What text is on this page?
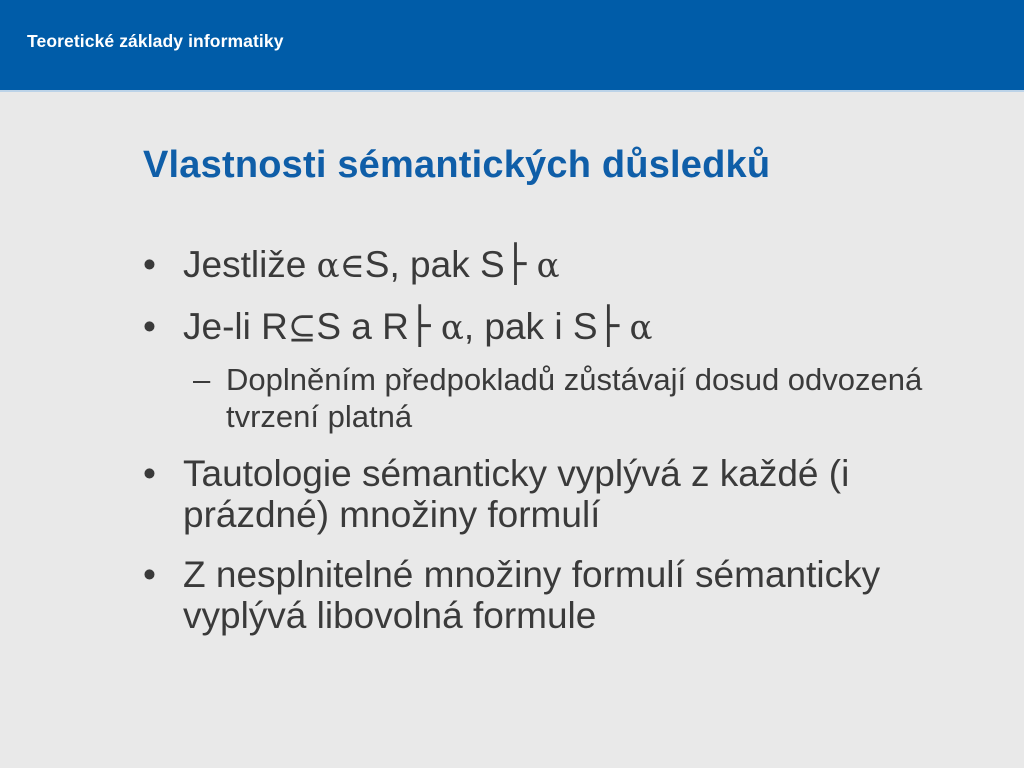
Teoretické základy informatiky
Vlastnosti sémantických důsledků
• Jestliže α∈S, pak S├ α
• Je-li R⊆S a R├ α, pak i S├ α
– Doplněním předpokladů zůstávají dosud odvozená tvrzení platná
• Tautologie sémanticky vyplývá z každé (i prázdné) množiny formulí
• Z nesplnitelné množiny formulí sémanticky vyplývá libovolná formule
